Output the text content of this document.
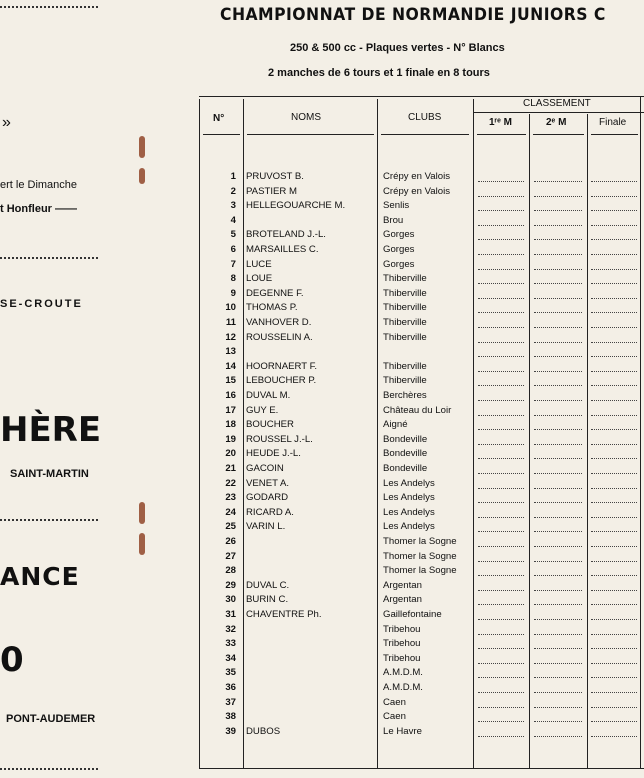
»
ert le Dimanche
t Honfleur ——
SE-CROUTE
HÈRE
SAINT-MARTIN
ANCE
0
PONT-AUDEMER
CHAMPIONNAT DE NORMANDIE JUNIORS C
250 & 500 cc - Plaques vertes - N° Blancs
2 manches de 6 tours et 1 finale en 8 tours
N°	NOMS	CLUBS
CLASSEMENT
1ʳᵉ M	2ᵉ M	Finale
1 PRUVOST B.	Crépy en Valois
2 PASTIER M	Crépy en Valois
3 HELLEGOUARCHE M.	Senlis
4	Brou
5 BROTELAND J.-L.	Gorges
6 MARSAILLES C.	Gorges
7 LUCE	Gorges
8 LOUE	Thiberville
9 DEGENNE F.	Thiberville
10 THOMAS P.	Thiberville
11 VANHOVER D.	Thiberville
12 ROUSSELIN A.	Thiberville
13
14 HOORNAERT F.	Thiberville
15 LEBOUCHER P.	Thiberville
16 DUVAL M.	Berchères
17 GUY E.	Château du Loir
18 BOUCHER	Aigné
19 ROUSSEL J.-L.	Bondeville
20 HEUDE J.-L.	Bondeville
21 GACOIN	Bondeville
22 VENET A.	Les Andelys
23 GODARD	Les Andelys
24 RICARD A.	Les Andelys
25 VARIN L.	Les Andelys
26	Thomer la Sogne
27	Thomer la Sogne
28	Thomer la Sogne
29 DUVAL C.	Argentan
30 BURIN C.	Argentan
31 CHAVENTRE Ph.	Gaillefontaine
32	Tribehou
33	Tribehou
34	Tribehou
35	A.M.D.M.
36	A.M.D.M.
37	Caen
38	Caen
39 DUBOS	Le Havre
